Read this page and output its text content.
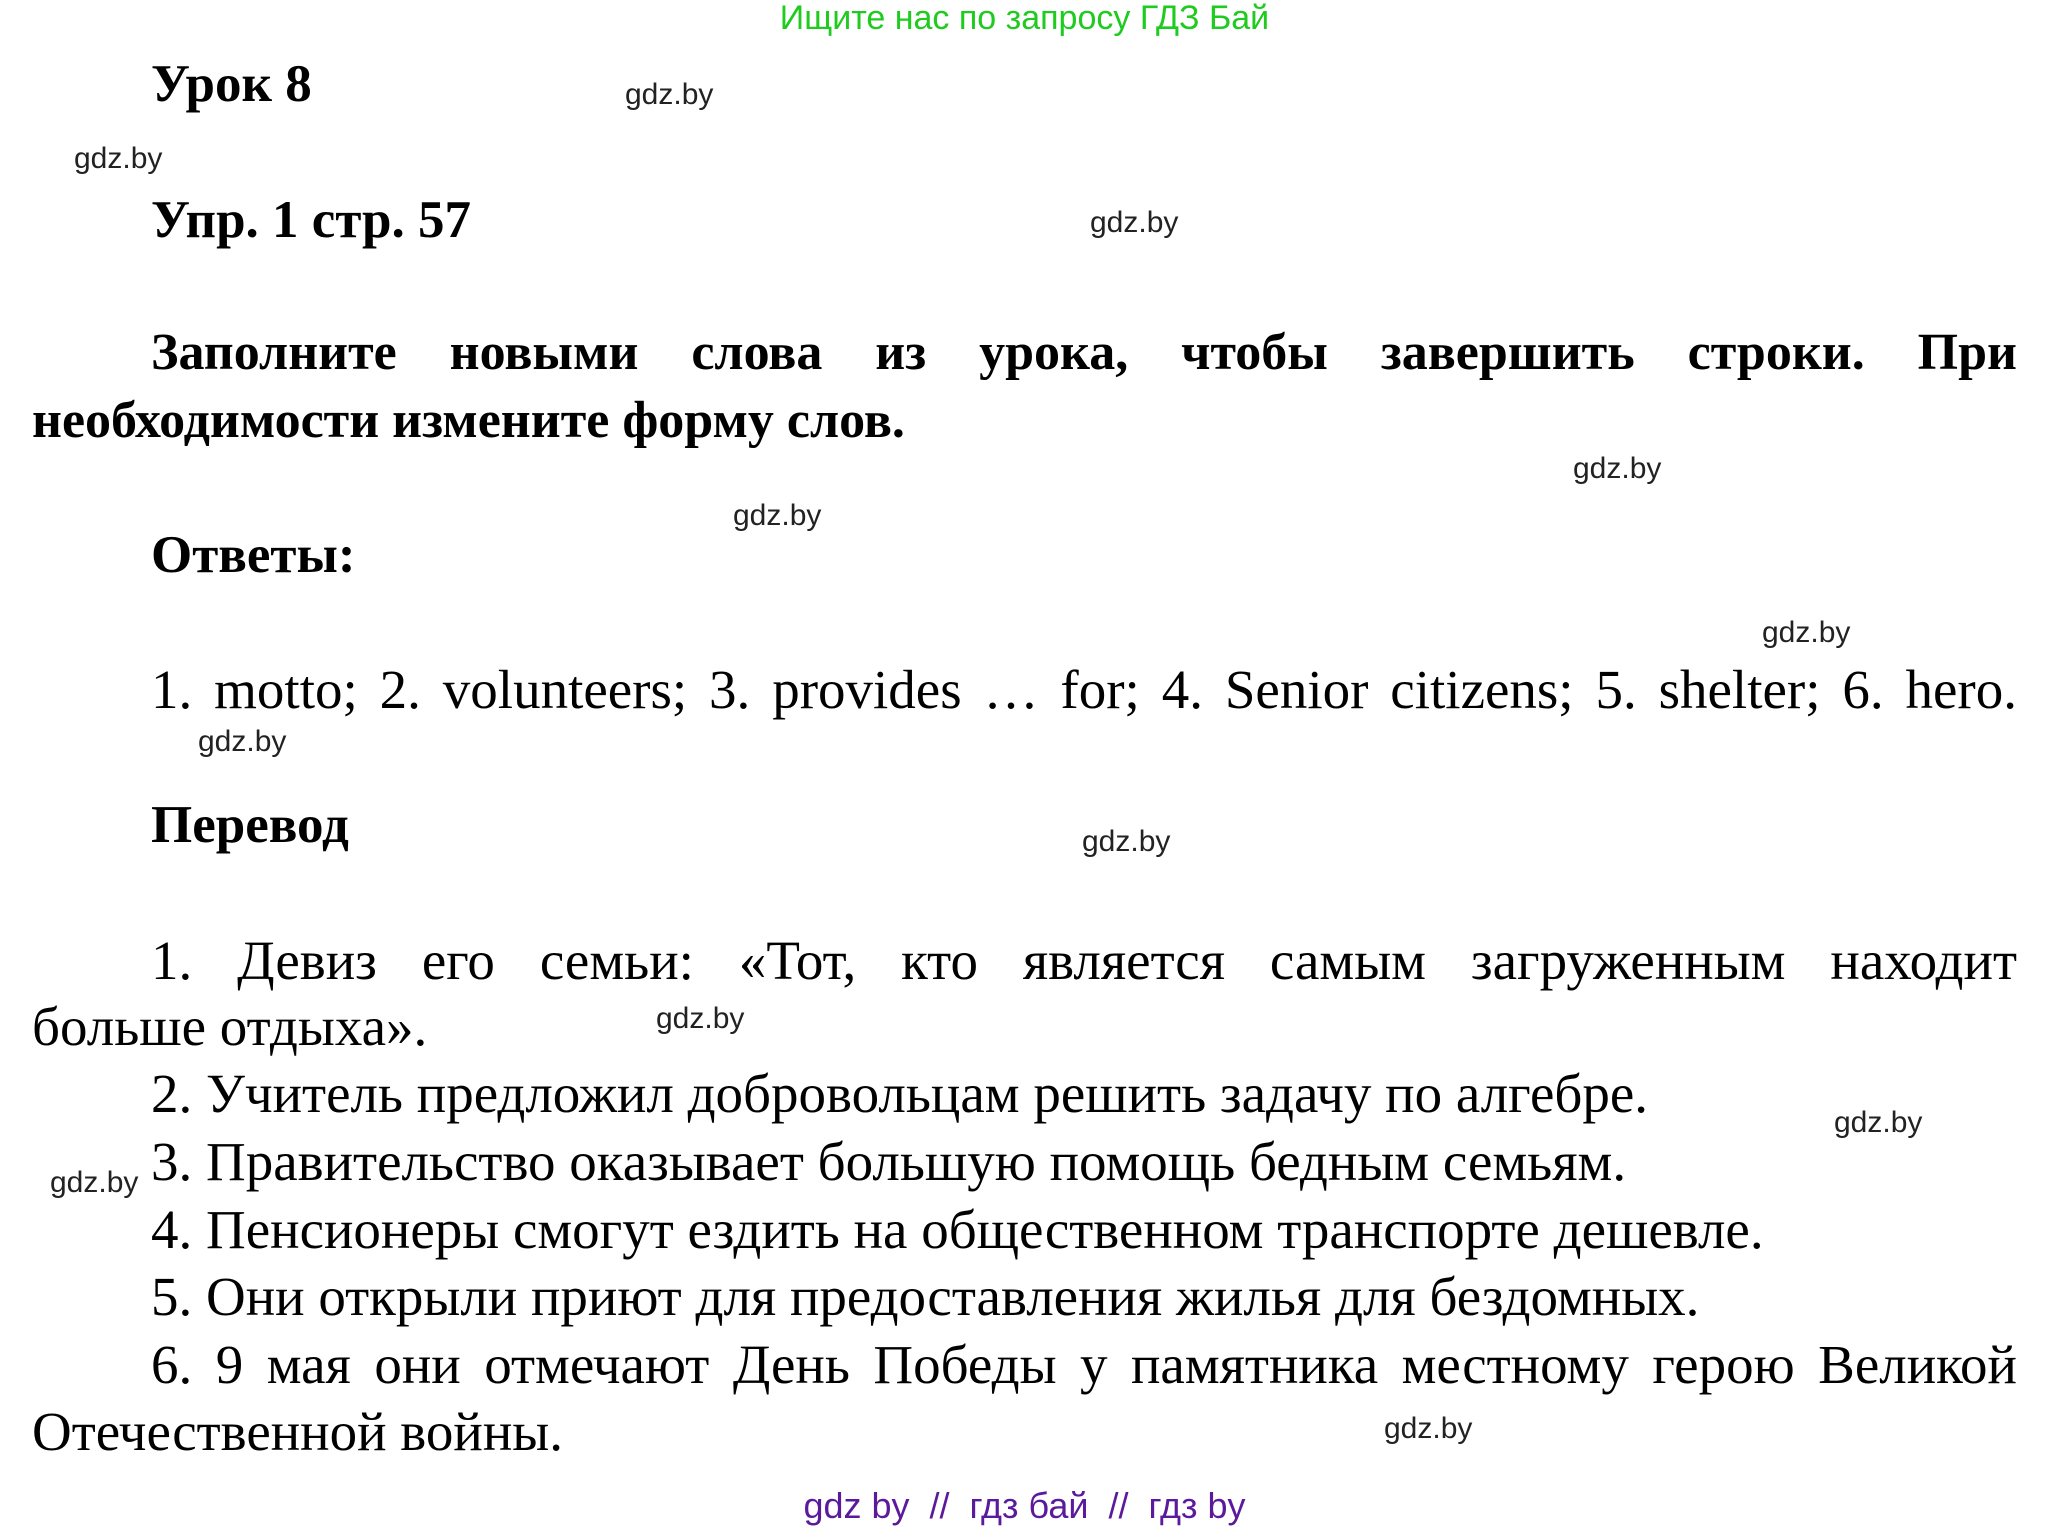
Ищите нас по запросу ГДЗ Бай
Урок 8
Упр. 1 стр. 57
Заполните новыми слова из урока, чтобы завершить строки. При
необходимости измените форму слов.
Ответы:
1. motto; 2. volunteers; 3. provides … for; 4. Senior citizens; 5. shelter; 6. hero.
Перевод
1. Девиз его семьи: «Тот, кто является самым загруженным находит
больше отдыха».
2. Учитель предложил добровольцам решить задачу по алгебре.
3. Правительство оказывает большую помощь бедным семьям.
4. Пенсионеры смогут ездить на общественном транспорте дешевле.
5. Они открыли приют для предоставления жилья для бездомных.
6. 9 мая они отмечают День Победы у памятника местному герою Великой
Отечественной войны.
gdz.by
gdz.by
gdz.by
gdz.by
gdz.by
gdz.by
gdz.by
gdz.by
gdz.by
gdz.by
gdz.by
gdz.by
gdz by  //  гдз бай  //  гдз by
